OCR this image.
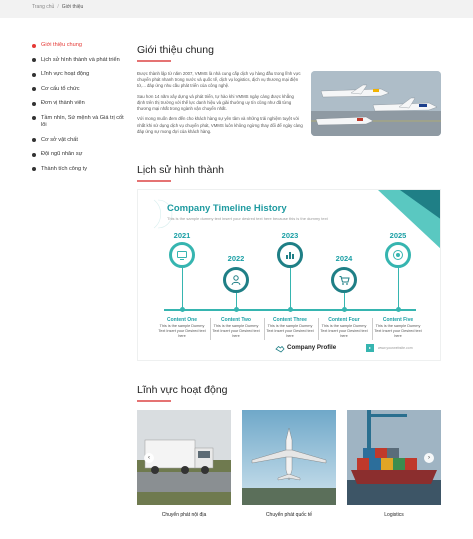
Trang chủ / Giới thiệu
Giới thiệu chung
Lịch sử hình thành và phát triển
Lĩnh vực hoạt động
Cơ cấu tổ chức
Đơn vị thành viên
Tầm nhìn, Sứ mệnh và Giá trị cốt lõi
Cơ sở vật chất
Đội ngũ nhân sự
Thành tích công ty
Giới thiệu chung

Được thành lập từ năm 2007, VMMS là nhà cung cấp dịch vụ hàng đầu trong lĩnh vực chuyển phát nhanh trong nước và quốc tế, dịch vụ logistics, dịch vụ thương mại điện tử,... đáp ứng nhu cầu phát triển của công nghệ.

Sau hơn 14 năm xây dựng và phát triển, tự hào khi VMMS ngày càng được khẳng định trên thị trường với thế lực danh hiệu và giải thưởng uy tín cũng như đã từng thương mại nhất trong ngành vận chuyển nhất.

Với mong muốn đem đến cho khách hàng sự yên tâm và những trải nghiệm tuyệt vời nhất khi sử dụng dịch vụ chuyển phát, VMMS luôn không ngừng thay đổi để ngày càng đáp ứng sự mong đợi của khách hàng.

Lịch sử hình thành
Company Timeline History
This is the sample dummy text insert your desired text here because this is the dummy text
2021
Content One
This is the sample Dummy Text Insert your Desired text here
2022
Content Two
This is the sample Dummy Text Insert your Desired text here
2023
Content Three
This is the sample Dummy Text Insert your Desired text here
2024
Content Four
This is the sample Dummy Text Insert your Desired text here
2025
Content Five
This is the sample Dummy Text Insert your Desired text here
Company Profile	▸	www.yourwebsite.com
Lĩnh vực hoạt động
‹	›
Chuyển phát nội địa	Chuyển phát quốc tế	Logistics
